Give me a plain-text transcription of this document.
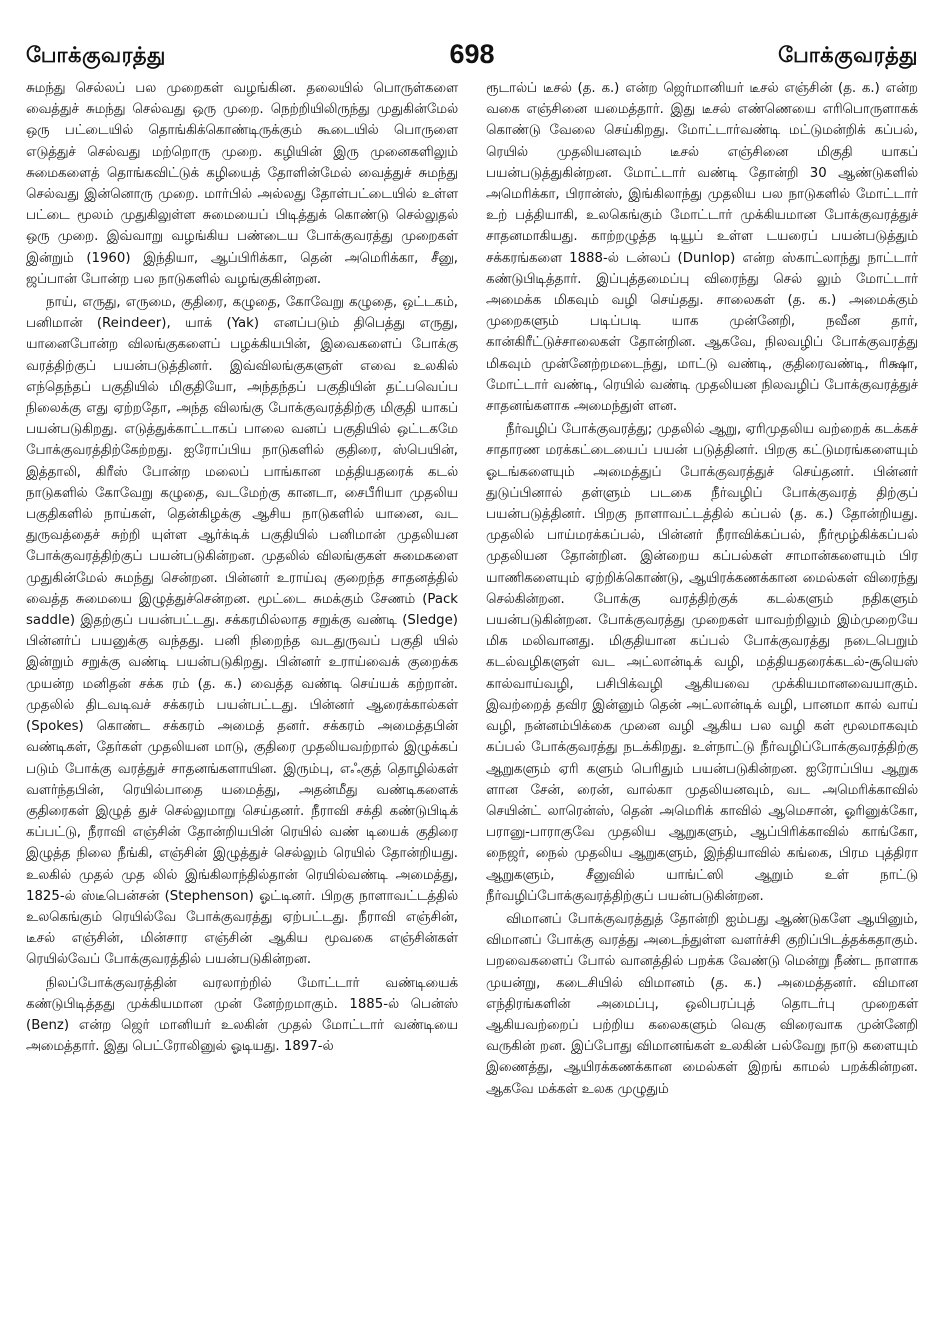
போக்குவரத்து	698	போக்குவரத்து

சுமந்து செல்லப் பல முறைகள் வழங்கின. தலையில் பொருள்களை வைத்துச் சுமந்து செல்வது ஒரு முறை. நெற்றியிலிருந்து முதுகின்மேல் ஒரு பட்டையில் தொங்கிக்கொண்டிருக்கும் கூடையில் பொருளை எடுத்துச் செல்வது மற்றொரு முறை. கழியின் இரு முனைகளிலும் சுமைகளைத் தொங்கவிட்டுக் கழியைத் தோளின்மேல் வைத்துச் சுமந்து செல்வது இன்னொரு முறை. மார்பில் அல்லது தோள்பட்டையில் உள்ள பட்டை மூலம் முதுகிலுள்ள சுமையைப் பிடித்துக் கொண்டு செல்லுதல் ஒரு முறை. இவ்வாறு வழங்கிய பண்டைய போக்குவரத்து முறைகள் இன்றும் (1960) இந்தியா, ஆப்பிரிக்கா, தென் அமெரிக்கா, சீனு, ஜப்பான் போன்ற பல நாடுகளில் வழங்குகின்றன.

நாய், எருது, எருமை, குதிரை, கழுதை, கோவேறு கழுதை, ஒட்டகம், பனிமான் (Reindeer), யாக் (Yak) எனப்படும் திபெத்து எருது, யானைபோன்ற விலங்குகளைப் பழக்கியபின், இவைகளைப் போக்கு வரத்திற்குப் பயன்படுத்தினர். இவ்விலங்குகளுள் எவை உலகில் எந்தெந்தப் பகுதியில் மிகுதியோ, அந்தந்தப் பகுதியின் தட்பவெப்ப நிலைக்கு எது ஏற்றதோ, அந்த விலங்கு போக்குவரத்திற்கு மிகுதி யாகப் பயன்படுகிறது. எடுத்துக்காட்டாகப் பாலை வனப் பகுதியில் ஒட்டகமே போக்குவரத்திற்கேற்றது. ஐரோப்பிய நாடுகளில் குதிரை, ஸ்பெயின், இத்தாலி, கிரீஸ் போன்ற மலைப் பாங்கான மத்தியதரைக் கடல் நாடுகளில் கோவேறு கழுதை, வடமேற்கு கானடா, சைபீரியா முதலிய பகுதிகளில் நாய்கள், தென்கிழக்கு ஆசிய நாடுகளில் யானை, வட துருவத்தைச் சுற்றி யுள்ள ஆர்க்டிக் பகுதியில் பனிமான் முதலியன போக்குவரத்திற்குப் பயன்படுகின்றன. முதலில் விலங்குகள் சுமைகளை முதுகின்மேல் சுமந்து சென்றன. பின்னர் உராய்வு குறைந்த சாதனத்தில் வைத்த சுமையை இழுத்துச்சென்றன. மூட்டை சுமக்கும் சேணம் (Pack saddle) இதற்குப் பயன்பட்டது. சக்கரமில்லாத சறுக்கு வண்டி (Sledge) பின்னர்ப் பயனுக்கு வந்தது. பனி நிறைந்த வடதுருவப் பகுதி யில் இன்றும் சறுக்கு வண்டி பயன்படுகிறது. பின்னர் உராய்வைக் குறைக்க முயன்ற மனிதன் சக்க ரம் (த. க.) வைத்த வண்டி செய்யக் கற்றான். முதலில் திடவடிவச் சக்கரம் பயன்பட்டது. பின்னர் ஆரைக்கால்கள் (Spokes) கொண்ட சக்கரம் அமைத் தனர். சக்கரம் அமைத்தபின் வண்டிகள், தேர்கள் முதலியன மாடு, குதிரை முதலியவற்றால் இழுக்கப் படும் போக்கு வரத்துச் சாதனங்களாயின. இரும்பு, எஃகுத் தொழில்கள் வளர்ந்தபின், ரெயில்பாதை யமைத்து, அதன்மீது வண்டிகளைக் குதிரைகள் இழுத் துச் செல்லுமாறு செய்தனர். நீராவி சக்தி கண்டுபிடிக் கப்பட்டு, நீராவி எஞ்சின் தோன்றியபின் ரெயில் வண் டியைக் குதிரை இழுத்த நிலை நீங்கி, எஞ்சின் இழுத்துச் செல்லும் ரெயில் தோன்றியது. உலகில் முதல் முத லில் இங்கிலாந்தில்தான் ரெயில்வண்டி அமைத்து, 1825-ல் ஸ்டீபென்சன் (Stephenson) ஓட்டினர். பிறகு நாளாவட்டத்தில் உலகெங்கும் ரெயில்வே போக்குவரத்து ஏற்பட்டது. நீராவி எஞ்சின், டீசல் எஞ்சின், மின்சார எஞ்சின் ஆகிய மூவகை எஞ்சின்கள் ரெயில்வேப் போக்குவரத்தில் பயன்படுகின்றன.

நிலப்போக்குவரத்தின் வரலாற்றில் மோட்டார் வண்டியைக் கண்டுபிடித்தது முக்கியமான முன் னேற்றமாகும். 1885-ல் பென்ஸ் (Benz) என்ற ஜெர் மானியர் உலகின் முதல் மோட்டார் வண்டியை அமைத்தார். இது பெட்ரோலினுல் ஓடியது. 1897-ல்

ரூடால்ப் டீசல் (த. க.) என்ற ஜெர்மானியர் டீசல் எஞ்சின் (த. க.) என்ற வகை எஞ்சினை யமைத்தார். இது டீசல் எண்ணெயை எரிபொருளாகக் கொண்டு வேலை செய்கிறது. மோட்டார்வண்டி மட்டுமன்றிக் கப்பல், ரெயில் முதலியனவும் டீசல் எஞ்சினை மிகுதி யாகப் பயன்படுத்துகின்றன. மோட்டார் வண்டி தோன்றி 30 ஆண்டுகளில் அமெரிக்கா, பிரான்ஸ், இங்கிலாந்து முதலிய பல நாடுகளில் மோட்டார் உற் பத்தியாகி, உலகெங்கும் மோட்டார் முக்கியமான போக்குவரத்துச் சாதனமாகியது. காற்றழுத்த டியூப் உள்ள டயரைப் பயன்படுத்தும் சக்கரங்களை 1888-ல் டன்லப் (Dunlop) என்ற ஸ்காட்லாந்து நாட்டார் கண்டுபிடித்தார். இப்புத்தமைப்பு விரைந்து செல் லும் மோட்டார் அமைக்க மிகவும் வழி செய்தது. சாலைகள் (த. க.) அமைக்கும் முறைகளும் படிப்படி யாக முன்னேறி, நவீன தார், கான்கிரீட்டுச்சாலைகள் தோன்றின. ஆகவே, நிலவழிப் போக்குவரத்து மிகவும் முன்னேற்றமடைந்து, மாட்டு வண்டி, குதிரைவண்டி, ரிக்ஷா, மோட்டார் வண்டி, ரெயில் வண்டி முதலியன நிலவழிப் போக்குவரத்துச் சாதனங்களாக அமைந்துள் ளன.

நீர்வழிப் போக்குவரத்து; முதலில் ஆறு, ஏரிமுதலிய வற்றைக் கடக்கச் சாதாரண மரக்கட்டையைப் பயன் படுத்தினர். பிறகு கட்டுமரங்களையும் ஓடங்களையும் அமைத்துப் போக்குவரத்துச் செய்தனர். பின்னர் துடுப்பினால் தள்ளும் படகை நீர்வழிப் போக்குவரத் திற்குப் பயன்படுத்தினர். பிறகு நாளாவட்டத்தில் கப்பல் (த. க.) தோன்றியது. முதலில் பாய்மரக்கப்பல், பின்னர் நீராவிக்கப்பல், நீர்மூழ்கிக்கப்பல் முதலியன தோன்றின. இன்றைய கப்பல்கள் சாமான்களையும் பிர யாணிகளையும் ஏற்றிக்கொண்டு, ஆயிரக்கணக்கான மைல்கள் விரைந்து செல்கின்றன. போக்கு வரத்திற்குக் கடல்களும் நதிகளும் பயன்படுகின்றன. போக்குவரத்து முறைகள் யாவற்றிலும் இம்முறையே மிக மலிவானது. மிகுதியான கப்பல் போக்குவரத்து நடைபெறும் கடல்வழிகளுள் வட அட்லான்டிக் வழி, மத்தியதரைக்கடல்-சூயெஸ் கால்வாய்வழி, பசிபிக்வழி ஆகியவை முக்கியமானவையாகும். இவற்றைத் தவிர இன்னும் தென் அட்லான்டிக் வழி, பானமா கால் வாய் வழி, நன்னம்பிக்கை முனை வழி ஆகிய பல வழி கள் மூலமாகவும் கப்பல் போக்குவரத்து நடக்கிறது. உள்நாட்டு நீர்வழிப்போக்குவரத்திற்கு ஆறுகளும் ஏரி களும் பெரிதும் பயன்படுகின்றன. ஐரோப்பிய ஆறுக ளான சேன், ரைன், வால்கா முதலியனவும், வட அமெரிக்காவில் செயின்ட் லாரென்ஸ், தென் அமெரிக் காவில் ஆமெசான், ஓரினுக்கோ, பரானு-பாராகுவே முதலிய ஆறுகளும், ஆப்பிரிக்காவில் காங்கோ, நைஜர், நைல் முதலிய ஆறுகளும், இந்தியாவில் கங்கை, பிரம புத்திரா ஆறுகளும், சீனுவில் யாங்ட்ஸி ஆறும் உள் நாட்டு நீர்வழிப்போக்குவரத்திற்குப் பயன்படுகின்றன.

விமானப் போக்குவரத்துத் தோன்றி ஐம்பது ஆண்டுகளே ஆயினும், விமானப் போக்கு வரத்து அடைந்துள்ள வளர்ச்சி குறிப்பிடத்தக்கதாகும். பறவைகளைப் போல் வானத்தில் பறக்க வேண்டு மென்று நீண்ட நாளாக முயன்று, கடைசியில் விமானம் (த. க.) அமைத்தனர். விமான எந்திரங்களின் அமைப்பு, ஒலிபரப்புத் தொடர்பு முறைகள் ஆகியவற்றைப் பற்றிய கலைகளும் வெகு விரைவாக முன்னேறி வருகின் றன. இப்போது விமானங்கள் உலகின் பல்வேறு நாடு களையும் இணைத்து, ஆயிரக்கணக்கான மைல்கள் இறங் காமல் பறக்கின்றன. ஆகவே மக்கள் உலக முழுதும்
